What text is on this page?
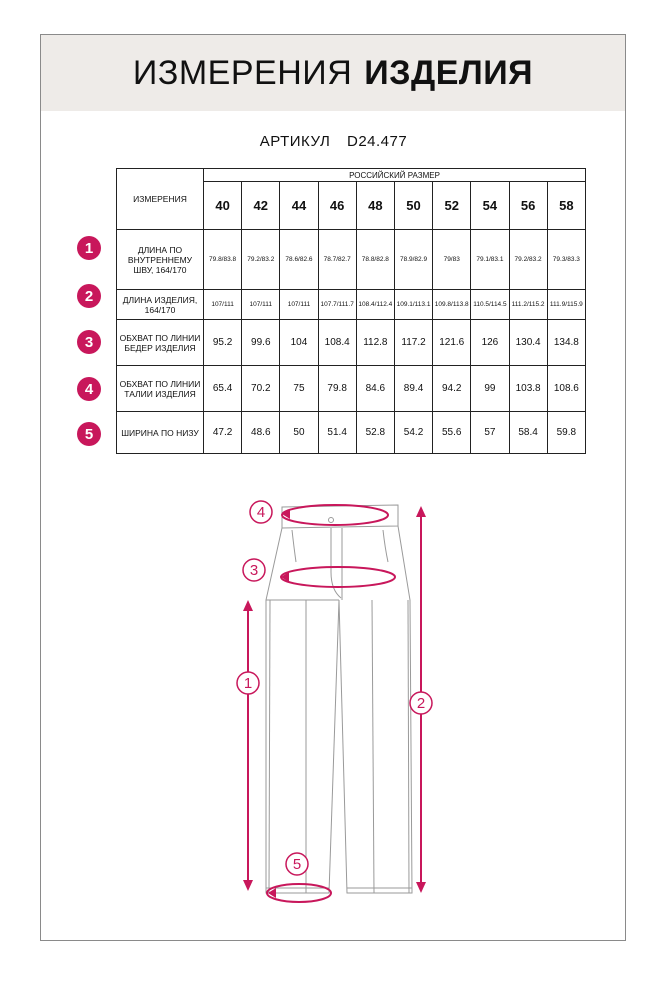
ИЗМЕРЕНИЯ ИЗДЕЛИЯ
АРТИКУЛ D24.477
ИЗМЕРЕНИЯ	РОССИЙСКИЙ РАЗМЕР									
	40	42	44	46	48	50	52	54	56	58
ДЛИНА ПО ВНУТРЕННЕМУ ШВУ, 164/170	79.8/83.8	79.2/83.2	78.6/82.6	78.7/82.7	78.8/82.8	78.9/82.9	79/83	79.1/83.1	79.2/83.2	79.3/83.3
ДЛИНА ИЗДЕЛИЯ, 164/170	107/111	107/111	107/111	107.7/111.7	108.4/112.4	109.1/113.1	109.8/113.8	110.5/114.5	111.2/115.2	111.9/115.9
ОБХВАТ ПО ЛИНИИ БЕДЕР ИЗДЕЛИЯ	95.2	99.6	104	108.4	112.8	117.2	121.6	126	130.4	134.8
ОБХВАТ ПО ЛИНИИ ТАЛИИ ИЗДЕЛИЯ	65.4	70.2	75	79.8	84.6	89.4	94.2	99	103.8	108.6
ШИРИНА ПО НИЗУ	47.2	48.6	50	51.4	52.8	54.2	55.6	57	58.4	59.8
1
2
3
4
5
4
3
1
2
5
